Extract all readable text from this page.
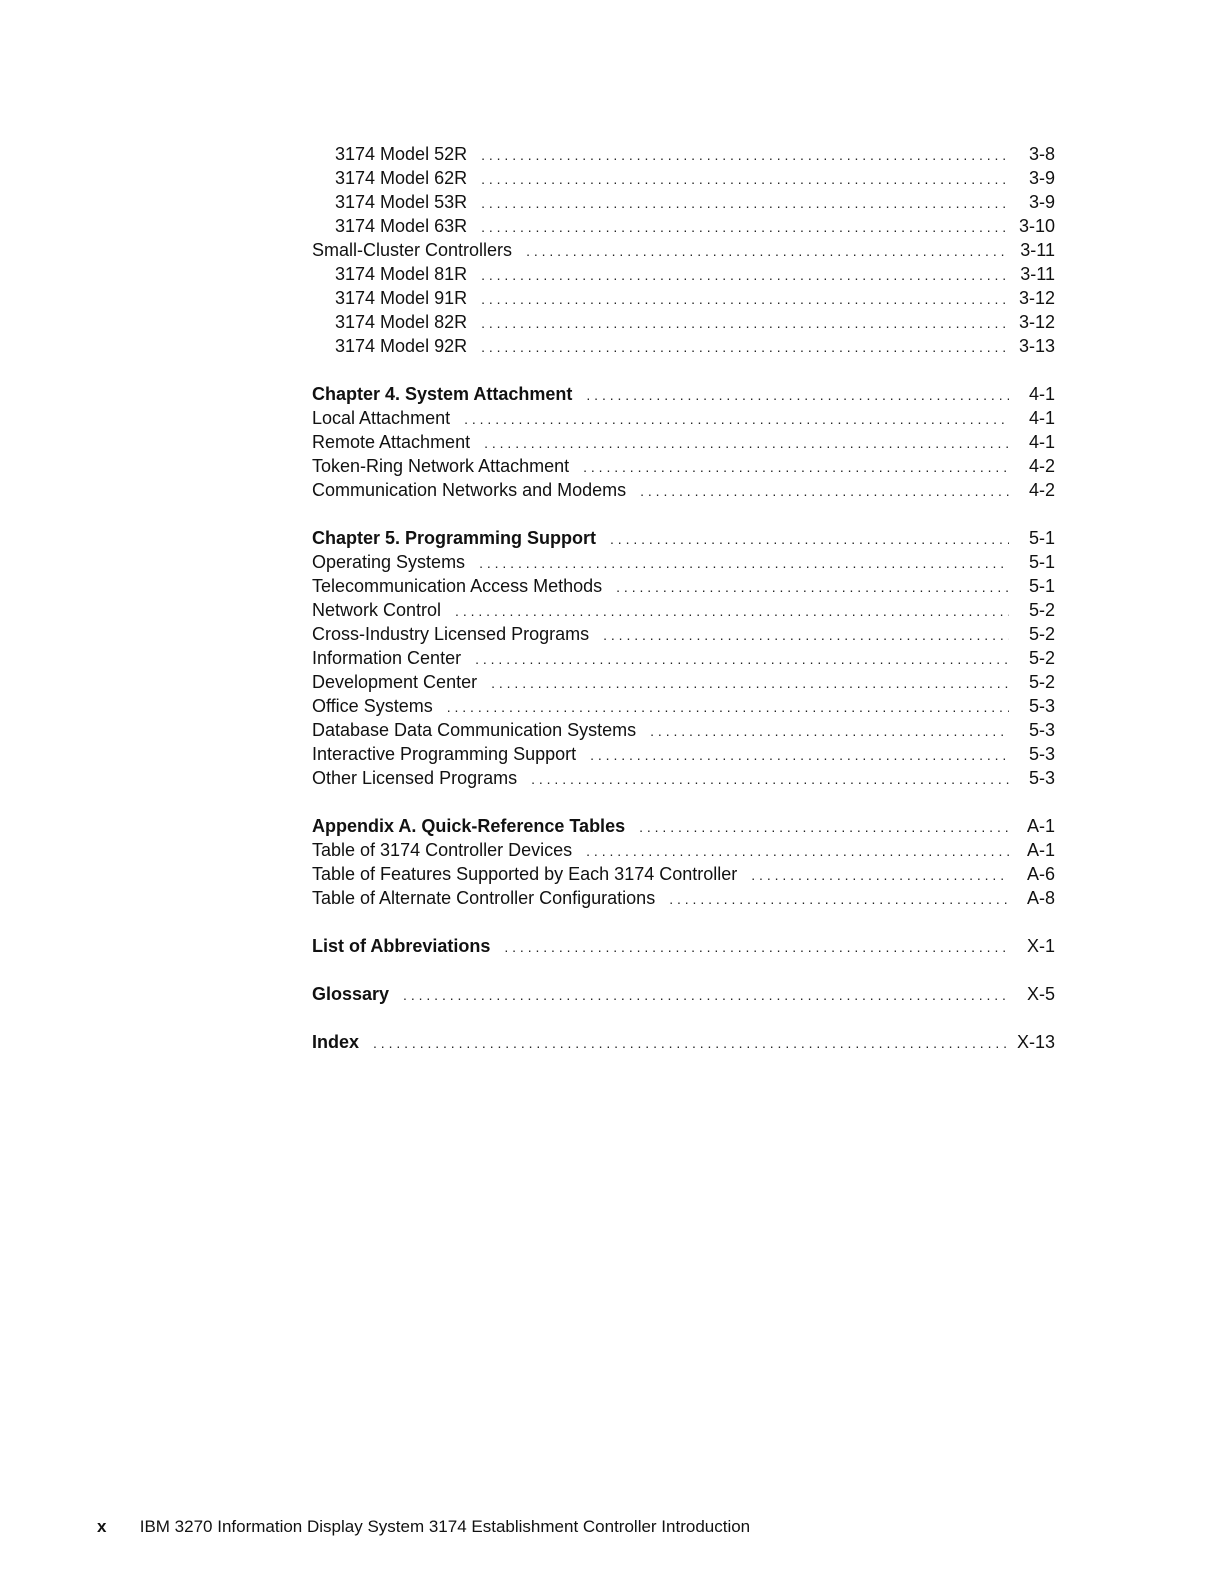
3174 Model 52R . . .	3-8
3174 Model 62R . . .	3-9
3174 Model 53R . . .	3-9
3174 Model 63R . . .	3-10
Small-Cluster Controllers . . .	3-11
3174 Model 81R . . .	3-11
3174 Model 91R . . .	3-12
3174 Model 82R . . .	3-12
3174 Model 92R . . .	3-13
Chapter 4. System Attachment . . .	4-1
Local Attachment . . .	4-1
Remote Attachment . . .	4-1
Token-Ring Network Attachment . . .	4-2
Communication Networks and Modems . . .	4-2
Chapter 5. Programming Support . . .	5-1
Operating Systems . . .	5-1
Telecommunication Access Methods . . .	5-1
Network Control . . .	5-2
Cross-Industry Licensed Programs . . .	5-2
Information Center . . .	5-2
Development Center . . .	5-2
Office Systems . . .	5-3
Database Data Communication Systems . . .	5-3
Interactive Programming Support . . .	5-3
Other Licensed Programs . . .	5-3
Appendix A. Quick-Reference Tables . . .	A-1
Table of 3174 Controller Devices . . .	A-1
Table of Features Supported by Each 3174 Controller . . .	A-6
Table of Alternate Controller Configurations . . .	A-8
List of Abbreviations . . .	X-1
Glossary . . .	X-5
Index . . .	X-13
x IBM 3270 Information Display System 3174 Establishment Controller Introduction
